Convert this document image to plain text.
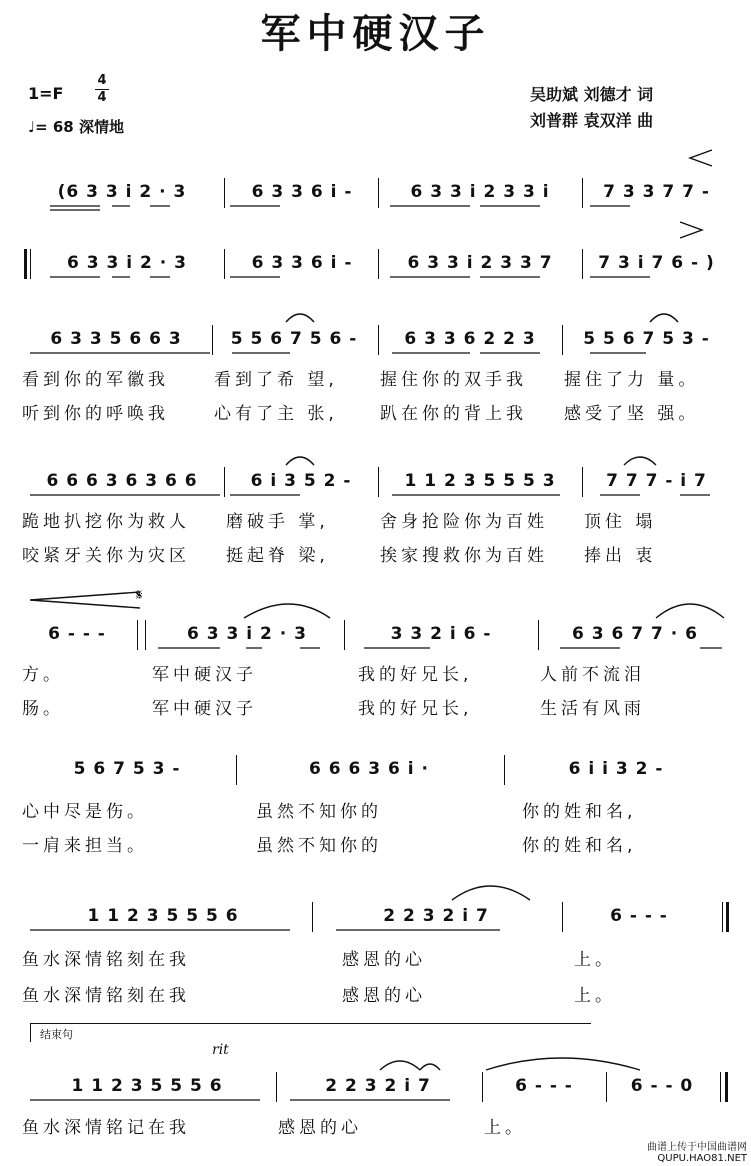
军中硬汉子
1=F
4
4
♩= 68 深情地
吴助斌 刘德才 词
刘普群 袁双洋 曲
(6 3 3 i 2 · 3	6 3 3 6 i -	6 3 3 i 2 3 3 i	7 3 3 7 7 -
6 3 3 i 2 · 3	6 3 3 6 i -	6 3 3 i 2 3 3 7	7 3 i 7 6 - )
6 3 3 5 6 6 3	5 5 6 7 5 6 -	6 3 3 6 2 2 3	5 5 6 7 5 3 -
看到你的军徽我	看到了希 望, 握住你的双手我 握住了力 量。
听到你的呼唤我	心有了主 张, 趴在你的背上我 感受了坚 强。
6 6 6 3 6 3 6 6	6 i 3 5 2 -	1 1 2 3 5 5 5 3	7 7 7 - i 7
跪地扒挖你为救人 磨破手 掌,	舍身抢险你为百姓 顶住 塌
咬紧牙关你为灾区 挺起脊 梁,	挨家搜救你为百姓 捧出 衷
𝄋
6 - - -	6 3 3 i 2 · 3	3 3 2 i 6 -	6 3 6 7 7 · 6
方。	军中硬汉子	我的好兄长,	人前不流泪
肠。	军中硬汉子	我的好兄长,	生活有风雨
5 6 7 5 3 -	6 6 6 3 6 i ·	6 i i 3 2 -
心中尽是伤。	虽然不知你的	你的姓和名,
一肩来担当。	虽然不知你的	你的姓和名,
1 1 2 3 5 5 5 6	2 2 3 2 i 7	6 - - -
鱼水深情铭刻在我	感恩的心	上。
鱼水深情铭刻在我	感恩的心	上。
结束句
rit
1 1 2 3 5 5 5 6	2 2 3 2 i 7	6 - - -	6 - - 0
鱼水深情铭记在我	感恩的心	上。
曲谱上传于中国曲谱网
QUPU.HAO81.NET
